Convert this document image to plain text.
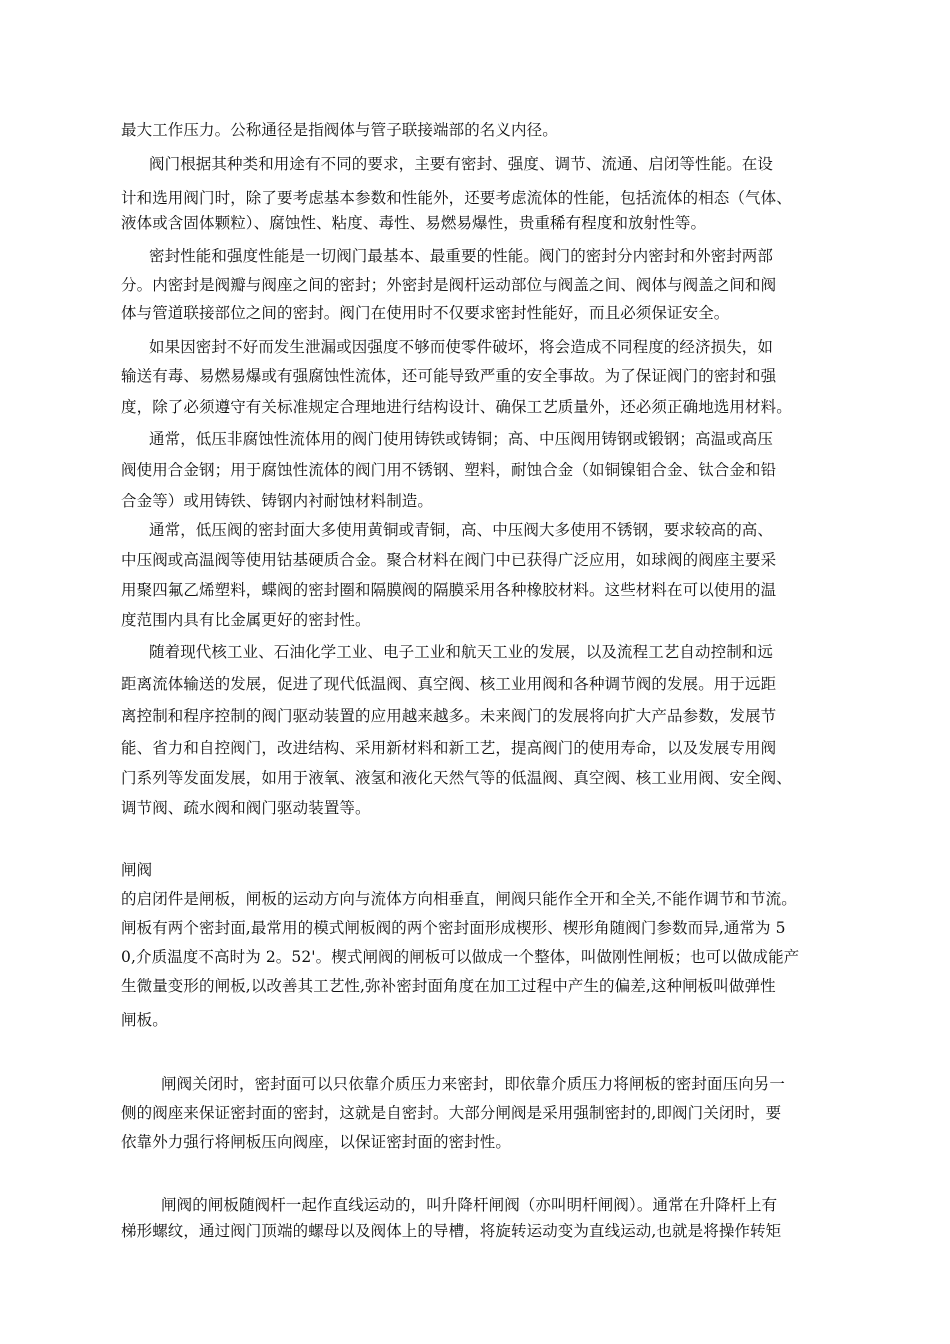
最大工作压力。公称通径是指阀体与管子联接端部的名义内径。
阀门根据其种类和用途有不同的要求，主要有密封、强度、调节、流通、启闭等性能。在设
计和选用阀门时，除了要考虑基本参数和性能外，还要考虑流体的性能，包括流体的相态（气体、
液体或含固体颗粒）、腐蚀性、粘度、毒性、易燃易爆性，贵重稀有程度和放射性等。
密封性能和强度性能是一切阀门最基本、最重要的性能。阀门的密封分内密封和外密封两部
分。内密封是阀瓣与阀座之间的密封；外密封是阀杆运动部位与阀盖之间、阀体与阀盖之间和阀
体与管道联接部位之间的密封。阀门在使用时不仅要求密封性能好，而且必须保证安全。
如果因密封不好而发生泄漏或因强度不够而使零件破坏，将会造成不同程度的经济损失，如
输送有毒、易燃易爆或有强腐蚀性流体，还可能导致严重的安全事故。为了保证阀门的密封和强
度，除了必须遵守有关标准规定合理地进行结构设计、确保工艺质量外，还必须正确地选用材料。
通常，低压非腐蚀性流体用的阀门使用铸铁或铸铜；高、中压阀用铸钢或锻钢；高温或高压
阀使用合金钢；用于腐蚀性流体的阀门用不锈钢、塑料，耐蚀合金（如铜镍钼合金、钛合金和铅
合金等）或用铸铁、铸钢内衬耐蚀材料制造。
通常，低压阀的密封面大多使用黄铜或青铜，高、中压阀大多使用不锈钢，要求较高的高、
中压阀或高温阀等使用钴基硬质合金。聚合材料在阀门中已获得广泛应用，如球阀的阀座主要采
用聚四氟乙烯塑料，蝶阀的密封圈和隔膜阀的隔膜采用各种橡胶材料。这些材料在可以使用的温
度范围内具有比金属更好的密封性。
随着现代核工业、石油化学工业、电子工业和航天工业的发展，以及流程工艺自动控制和远
距离流体输送的发展，促进了现代低温阀、真空阀、核工业用阀和各种调节阀的发展。用于远距
离控制和程序控制的阀门驱动装置的应用越来越多。未来阀门的发展将向扩大产品参数，发展节
能、省力和自控阀门，改进结构、采用新材料和新工艺，提高阀门的使用寿命，以及发展专用阀
门系列等发面发展，如用于液氧、液氢和液化天然气等的低温阀、真空阀、核工业用阀、安全阀、
调节阀、疏水阀和阀门驱动装置等。
闸阀
的启闭件是闸板，闸板的运动方向与流体方向相垂直，闸阀只能作全开和全关,不能作调节和节流。
闸板有两个密封面,最常用的模式闸板阀的两个密封面形成楔形、楔形角随阀门参数而异,通常为 5
0,介质温度不高时为 2。52'。楔式闸阀的闸板可以做成一个整体，叫做刚性闸板；也可以做成能产
生微量变形的闸板,以改善其工艺性,弥补密封面角度在加工过程中产生的偏差,这种闸板叫做弹性
闸板。
闸阀关闭时，密封面可以只依靠介质压力来密封，即依靠介质压力将闸板的密封面压向另一
侧的阀座来保证密封面的密封，这就是自密封。大部分闸阀是采用强制密封的,即阀门关闭时，要
依靠外力强行将闸板压向阀座，以保证密封面的密封性。
闸阀的闸板随阀杆一起作直线运动的，叫升降杆闸阀（亦叫明杆闸阀）。通常在升降杆上有
梯形螺纹，通过阀门顶端的螺母以及阀体上的导槽，将旋转运动变为直线运动,也就是将操作转矩
